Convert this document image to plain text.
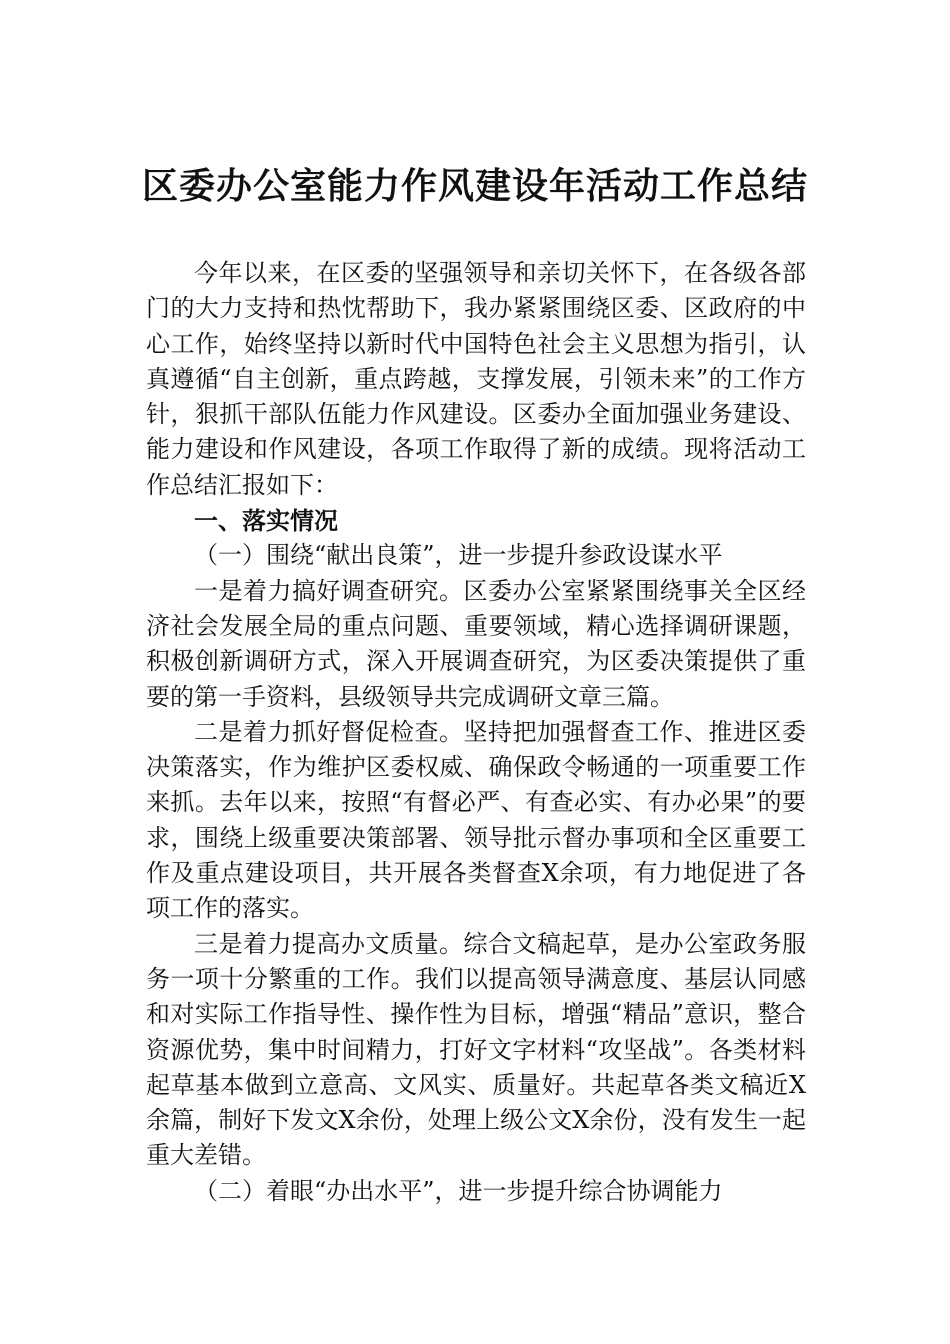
区委办公室能力作风建设年活动工作总结

今年以来，在区委的坚强领导和亲切关怀下，在各级各部门的大力支持和热忱帮助下，我办紧紧围绕区委、区政府的中心工作，始终坚持以新时代中国特色社会主义思想为指引，认真遵循“自主创新，重点跨越，支撑发展，引领未来”的工作方针，狠抓干部队伍能力作风建设。区委办全面加强业务建设、能力建设和作风建设，各项工作取得了新的成绩。现将活动工作总结汇报如下：

一、落实情况

（一）围绕“献出良策”，进一步提升参政设谋水平

一是着力搞好调查研究。区委办公室紧紧围绕事关全区经济社会发展全局的重点问题、重要领域，精心选择调研课题，积极创新调研方式，深入开展调查研究，为区委决策提供了重要的第一手资料，县级领导共完成调研文章三篇。

二是着力抓好督促检查。坚持把加强督查工作、推进区委决策落实，作为维护区委权威、确保政令畅通的一项重要工作来抓。去年以来，按照“有督必严、有查必实、有办必果”的要求，围绕上级重要决策部署、领导批示督办事项和全区重要工作及重点建设项目，共开展各类督查X余项，有力地促进了各项工作的落实。

三是着力提高办文质量。综合文稿起草，是办公室政务服务一项十分繁重的工作。我们以提高领导满意度、基层认同感和对实际工作指导性、操作性为目标，增强“精品”意识，整合资源优势，集中时间精力，打好文字材料“攻坚战”。各类材料起草基本做到立意高、文风实、质量好。共起草各类文稿近X余篇，制好下发文X余份，处理上级公文X余份，没有发生一起重大差错。

（二）着眼“办出水平”，进一步提升综合协调能力
